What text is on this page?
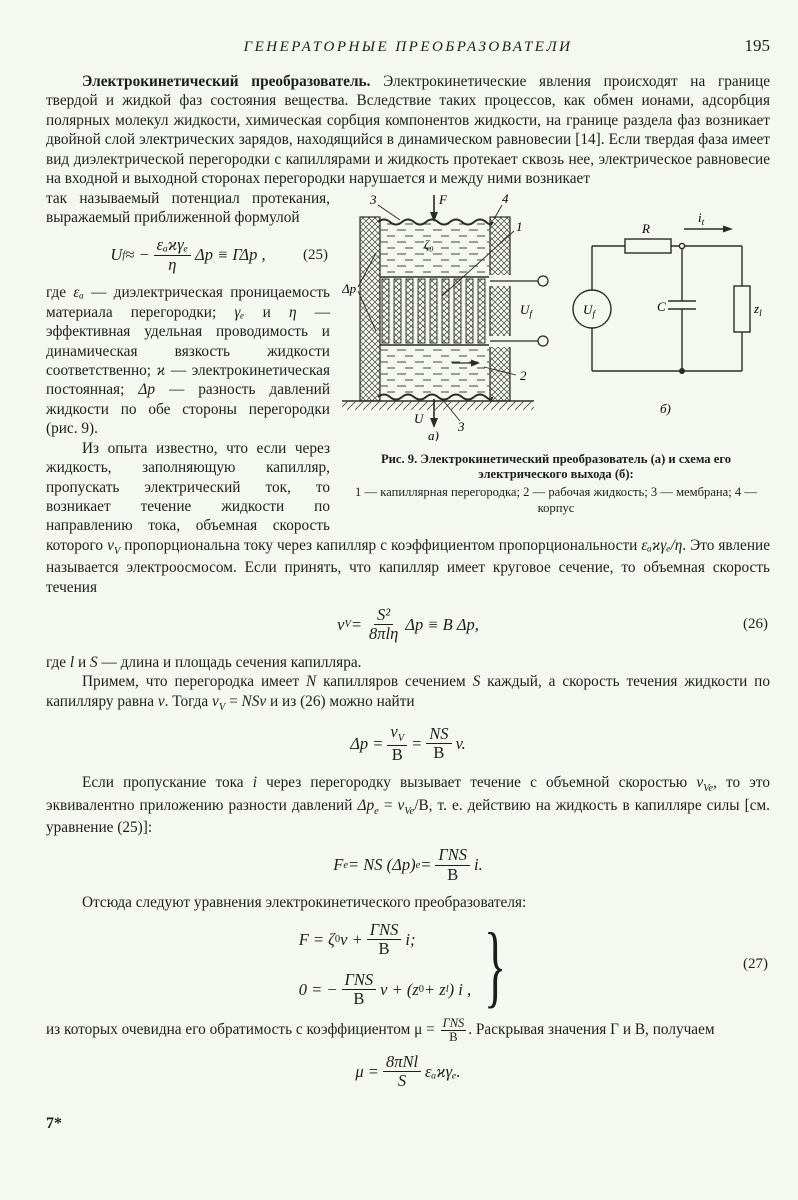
ГЕНЕРАТОРНЫЕ ПРЕОБРАЗОВАТЕЛИ	195

Электрокинетический преобразователь. Электрокинетические явления происходят на границе твердой и жидкой фаз состояния вещества. Вследствие таких процессов, как обмен ионами, адсорбция полярных молекул жидкости, химическая сорбция компонентов жидкости, на границе раздела фаз возникает двойной слой электрических зарядов, находящийся в динамическом равновесии [14]. Если твердая фаза имеет вид диэлектрической перегородки с капиллярами и жидкость протекает сквозь нее, электрическое равновесие на входной и выходной сторонах перегородки нарушается и между ними возникает

3	F	4
1
Δp
ζ₀
$U_f$
2
U
3
а)
R
$i_t$
$U_f$
C	$z_l$
б)
Рис. 9. Электрокинетический преобразователь (а) и схема его электрического выхода (б):
1 — капиллярная перегородка; 2 — рабочая жидкость; 3 — мембрана; 4 — корпус

так называемый потенциал протекания, выражаемый приближенной формулой

U f ≈ − $\frac{\text{εₐϰγₑ}}{\eta}$ Δp ≡ ΓΔp , (25)

где εₐ — диэлектрическая проницаемость материала перегородки; γₑ и η — эффективная удельная проводимость и динамическая вязкость жидкости соответственно; ϰ — электрокинетическая постоянная; Δp — разность давлений жидкости по обе стороны перегородки (рис. 9).

Из опыта известно, что если через жидкость, заполняющую капилляр, пропускать электрический ток, то возникает течение жидкости по направлению тока, объемная скорость которого $v_V$ пропорциональна току через капилляр с коэффициентом пропорциональности εₐϰγₑ/η. Это явление называется электроосмосом. Если принять, что капилляр имеет круговое сечение, то объемная скорость течения

v $V = \frac{\text{S²}}{\text{8πlη}}$ Δp ≡ В Δp,	(26)

где l и S — длина и площадь сечения капилляра.

Примем, что перегородка имеет N капилляров сечением S каждый, а скорость течения жидкости по капилляру равна v. Тогда $v_V$ = NSv и из (26) можно найти

$\Delta p = \frac{v_V}{В} = \frac{NS}{В} v$.

Если пропускание тока i через перегородку вызывает течение с объемной скоростью $v_{Ve}$, то это эквивалентно приложению разности давлений $\Delta p_e = v_{Ve}/В$, т. е. действию на жидкость в капилляре силы [см. уравнение (25)]:

F e = NS (Δp) $e = \frac{\text{ΓNS}}{В} i$.

Отсюда следуют уравнения электрокинетического преобразователя:

F = ζ 0 $v + \frac{\text{ΓNS}}{В} i$;
0 = − $\frac{\text{ΓNS}}{В}$ v + (z 0 + z l ) i , }	(27)

из которых очевидна его обратимость с коэффициентом μ = ΓNS
В . Раскрывая значения Γ и В, получаем

$\mu = \frac{\text{8πNl}}{S} \varepsilon_aϰ\gamma_e$.
7*
